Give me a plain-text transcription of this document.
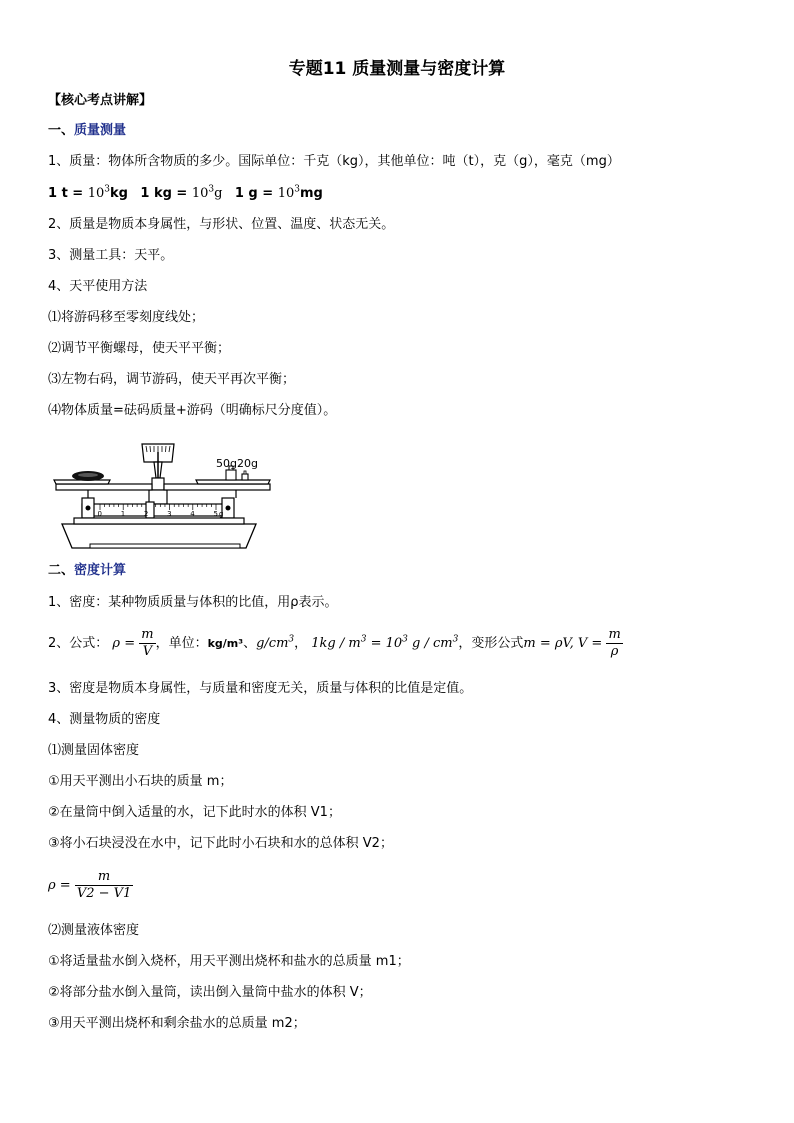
专题11 质量测量与密度计算
【核心考点讲解】
一、质量测量
1、质量：物体所含物质的多少。国际单位：千克（kg），其他单位：吨（t），克（g），毫克（mg）
1 $t = 10^3kg$ 1 kg = $10^3g$ 1 $g = 10^3mg$
2、质量是物质本身属性，与形状、位置、温度、状态无关。
3、测量工具：天平。
4、天平使用方法
⑴将游码移至零刻度线处；
⑵调节平衡螺母，使天平平衡；
⑶左物右码，调节游码，使天平再次平衡；
⑷物体质量=砝码质量+游码（明确标尺分度值）。
50g20g
0	1	2	3	4	5 g
二、密度计算
1、密度：某种物质质量与体积的比值，用ρ表示。
2、公式： $\rho = \frac{m}{V}$ ，单位：kg/m³、$g/cm^3$， $1kg / m^3 = 10^3$ g / $cm^3$，变形公式m = ρV, $V = \frac{m}{\rho}$
3、密度是物质本身属性，与质量和密度无关，质量与体积的比值是定值。
4、测量物质的密度
⑴测量固体密度
①用天平测出小石块的质量 m；
②在量筒中倒入适量的水，记下此时水的体积 V1；
③将小石块浸没在水中，记下此时小石块和水的总体积 V2；
$\rho = \frac{m}{V2 - V1}$
⑵测量液体密度
①将适量盐水倒入烧杯，用天平测出烧杯和盐水的总质量 m1；
②将部分盐水倒入量筒，读出倒入量筒中盐水的体积 V；
③用天平测出烧杯和剩余盐水的总质量 m2；
